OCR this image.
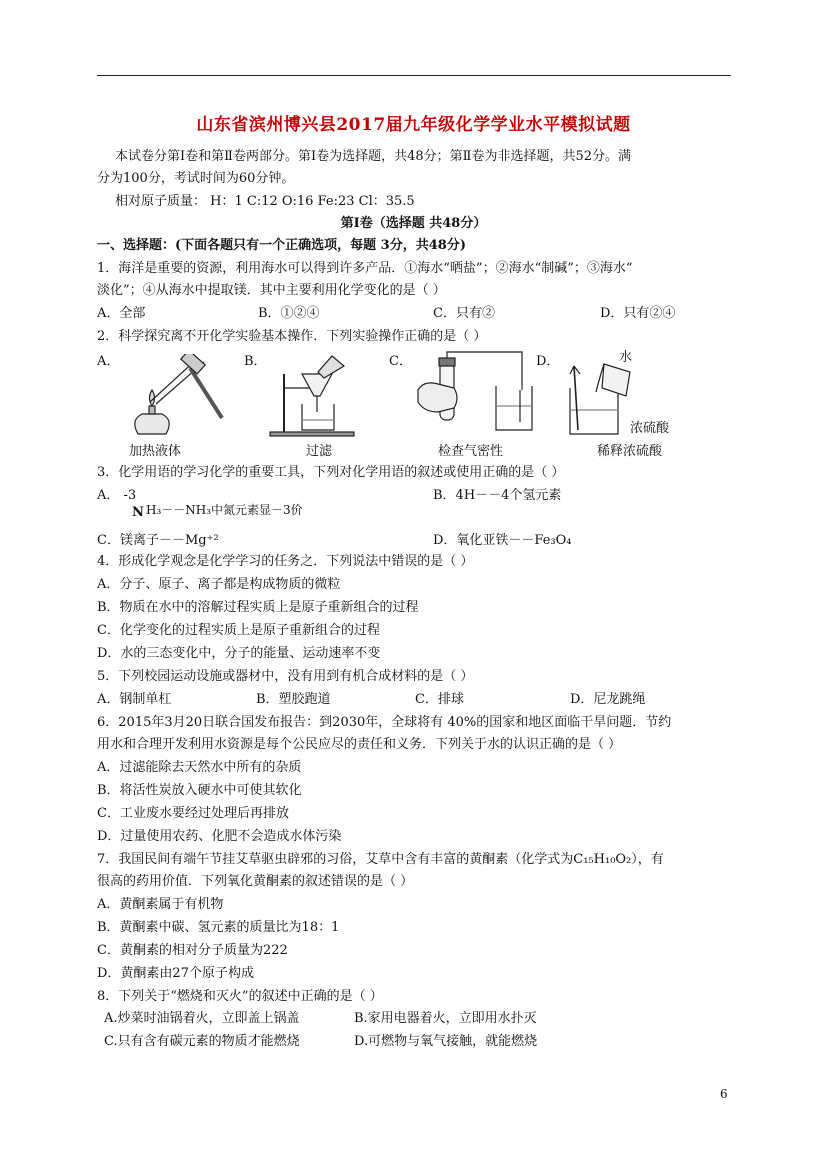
山东省滨州博兴县2017届九年级化学学业水平模拟试题
本试卷分第Ⅰ卷和第Ⅱ卷两部分。第Ⅰ卷为选择题，共48分；第Ⅱ卷为非选择题，共52分。满
分为100分，考试时间为60分钟。
相对原子质量： H：1 C:12 O:16 Fe:23 Cl：35.5
第Ⅰ卷（选择题 共48分）
一、选择题：(下面各题只有一个正确选项，每题 3分，共48分)
1．海洋是重要的资源，利用海水可以得到许多产品．①海水“晒盐”；②海水“制碱”；③海水“
淡化”；④从海水中提取镁．其中主要利用化学变化的是（ ）
A．全部	B．①②④	C．只有②	D．只有②④
2．科学探究离不开化学实验基本操作．下列实验操作正确的是（ ）
A．	B．	C．	D．
加热液体	过滤	检查气密性
水
浓硫酸
稀释浓硫酸
3．化学用语的学习化学的重要工具，下列对化学用语的叙述或使用正确的是（ ）
A． -3
N H₃－－NH₃中氮元素显－3价
B．4H－－4个氢元素
C．镁离子－－Mg⁺²	D．氧化亚铁－－Fe₃O₄
4．形成化学观念是化学学习的任务之．下列说法中错误的是（ ）
A．分子、原子、离子都是构成物质的微粒
B．物质在水中的溶解过程实质上是原子重新组合的过程
C．化学变化的过程实质上是原子重新组合的过程
D．水的三态变化中，分子的能量、运动速率不变
5．下列校园运动设施或器材中，没有用到有机合成材料的是（ ）
A．钢制单杠	B．塑胶跑道	C．排球	D．尼龙跳绳
6．2015年3月20日联合国发布报告：到2030年，全球将有 40%的国家和地区面临干旱问题．节约
用水和合理开发利用水资源是每个公民应尽的责任和义务．下列关于水的认识正确的是（ ）
A．过滤能除去天然水中所有的杂质
B．将活性炭放入硬水中可使其软化
C．工业废水要经过处理后再排放
D．过量使用农药、化肥不会造成水体污染
7．我国民间有端午节挂艾草驱虫辟邪的习俗，艾草中含有丰富的黄酮素（化学式为C₁₅H₁₀O₂），有
很高的药用价值．下列氧化黄酮素的叙述错误的是（ ）
A．黄酮素属于有机物
B．黄酮素中碳、氢元素的质量比为18：1
C．黄酮素的相对分子质量为222
D．黄酮素由27个原子构成
8．下列关于“燃烧和灭火”的叙述中正确的是（ ）
A.炒菜时油锅着火，立即盖上锅盖	B.家用电器着火，立即用水扑灭
C.只有含有碳元素的物质才能燃烧	D.可燃物与氧气接触，就能燃烧
6
